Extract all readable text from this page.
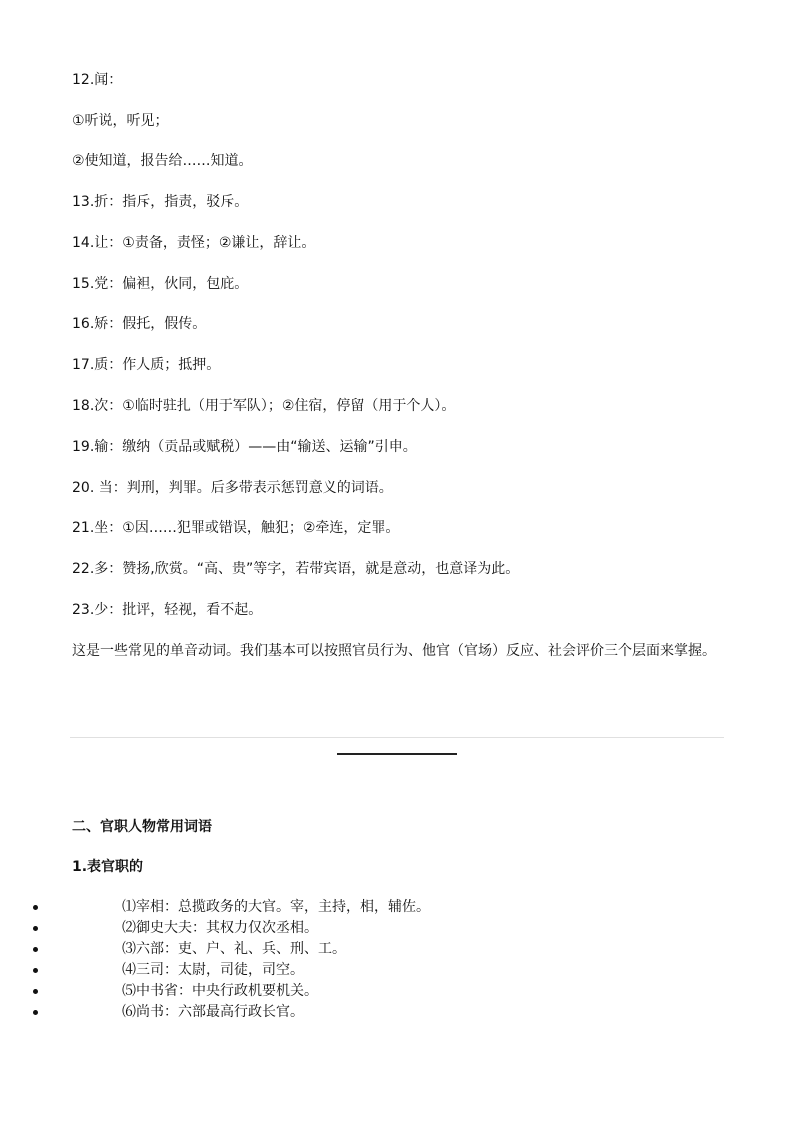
12.闻：

①听说，听见；

②使知道，报告给……知道。

13.折：指斥，指责，驳斥。

14.让：①责备，责怪；②谦让，辞让。

15.党：偏袒，伙同，包庇。

16.矫：假托，假传。

17.质：作人质；抵押。

18.次：①临时驻扎（用于军队）；②住宿，停留（用于个人）。

19.输：缴纳（贡品或赋税）——由“输送、运输”引申。

20. 当：判刑，判罪。后多带表示惩罚意义的词语。

21.坐：①因……犯罪或错误，触犯；②牵连，定罪。

22.多：赞扬,欣赏。“高、贵”等字，若带宾语，就是意动，也意译为此。

23.少：批评，轻视，看不起。

这是一些常见的单音动词。我们基本可以按照官员行为、他官（官场）反应、社会评价三个层面来掌握。

二、官职人物常用词语

1.表官职的

⑴宰相：总揽政务的大官。宰，主持，相，辅佐。
⑵御史大夫：其权力仅次丞相。
⑶六部：吏、户、礼、兵、刑、工。
⑷三司：太尉，司徒，司空。
⑸中书省：中央行政机要机关。
⑹尚书：六部最高行政长官。
